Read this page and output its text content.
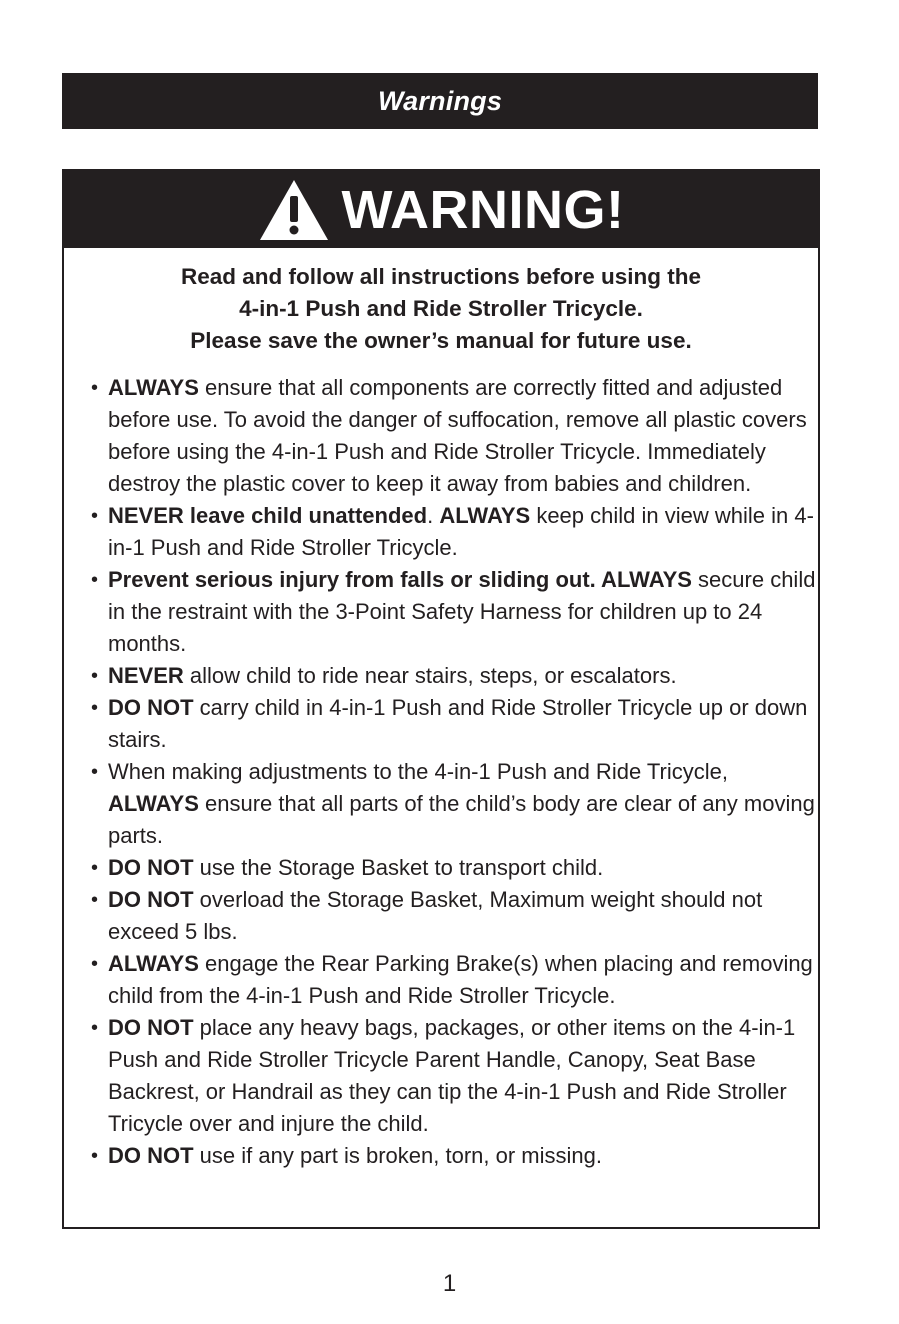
Warnings
WARNING!
Read and follow all instructions before using the
4-in-1 Push and Ride Stroller Tricycle.
Please save the owner’s manual for future use.
• ALWAYS ensure that all components are correctly fitted and adjusted before use. To avoid the danger of suffocation, remove all plastic covers before using the 4-in-1 Push and Ride Stroller Tricycle. Immediately destroy the plastic cover to keep it away from babies and children.
• NEVER leave child unattended. ALWAYS keep child in view while in 4-in-1 Push and Ride Stroller Tricycle.
• Prevent serious injury from falls or sliding out. ALWAYS secure child in the restraint with the 3-Point Safety Harness for children up to 24 months.
• NEVER allow child to ride near stairs, steps, or escalators.
• DO NOT carry child in 4-in-1 Push and Ride Stroller Tricycle up or down stairs.
• When making adjustments to the 4-in-1 Push and Ride Tricycle, ALWAYS ensure that all parts of the child’s body are clear of any moving parts.
• DO NOT use the Storage Basket to transport child.
• DO NOT overload the Storage Basket, Maximum weight should not exceed 5 lbs.
• ALWAYS engage the Rear Parking Brake(s) when placing and removing child from the 4-in-1 Push and Ride Stroller Tricycle.
• DO NOT place any heavy bags, packages, or other items on the 4-in-1 Push and Ride Stroller Tricycle Parent Handle, Canopy, Seat Base Backrest, or Handrail as they can tip the 4-in-1 Push and Ride Stroller Tricycle over and injure the child.
• DO NOT use if any part is broken, torn, or missing.
1
